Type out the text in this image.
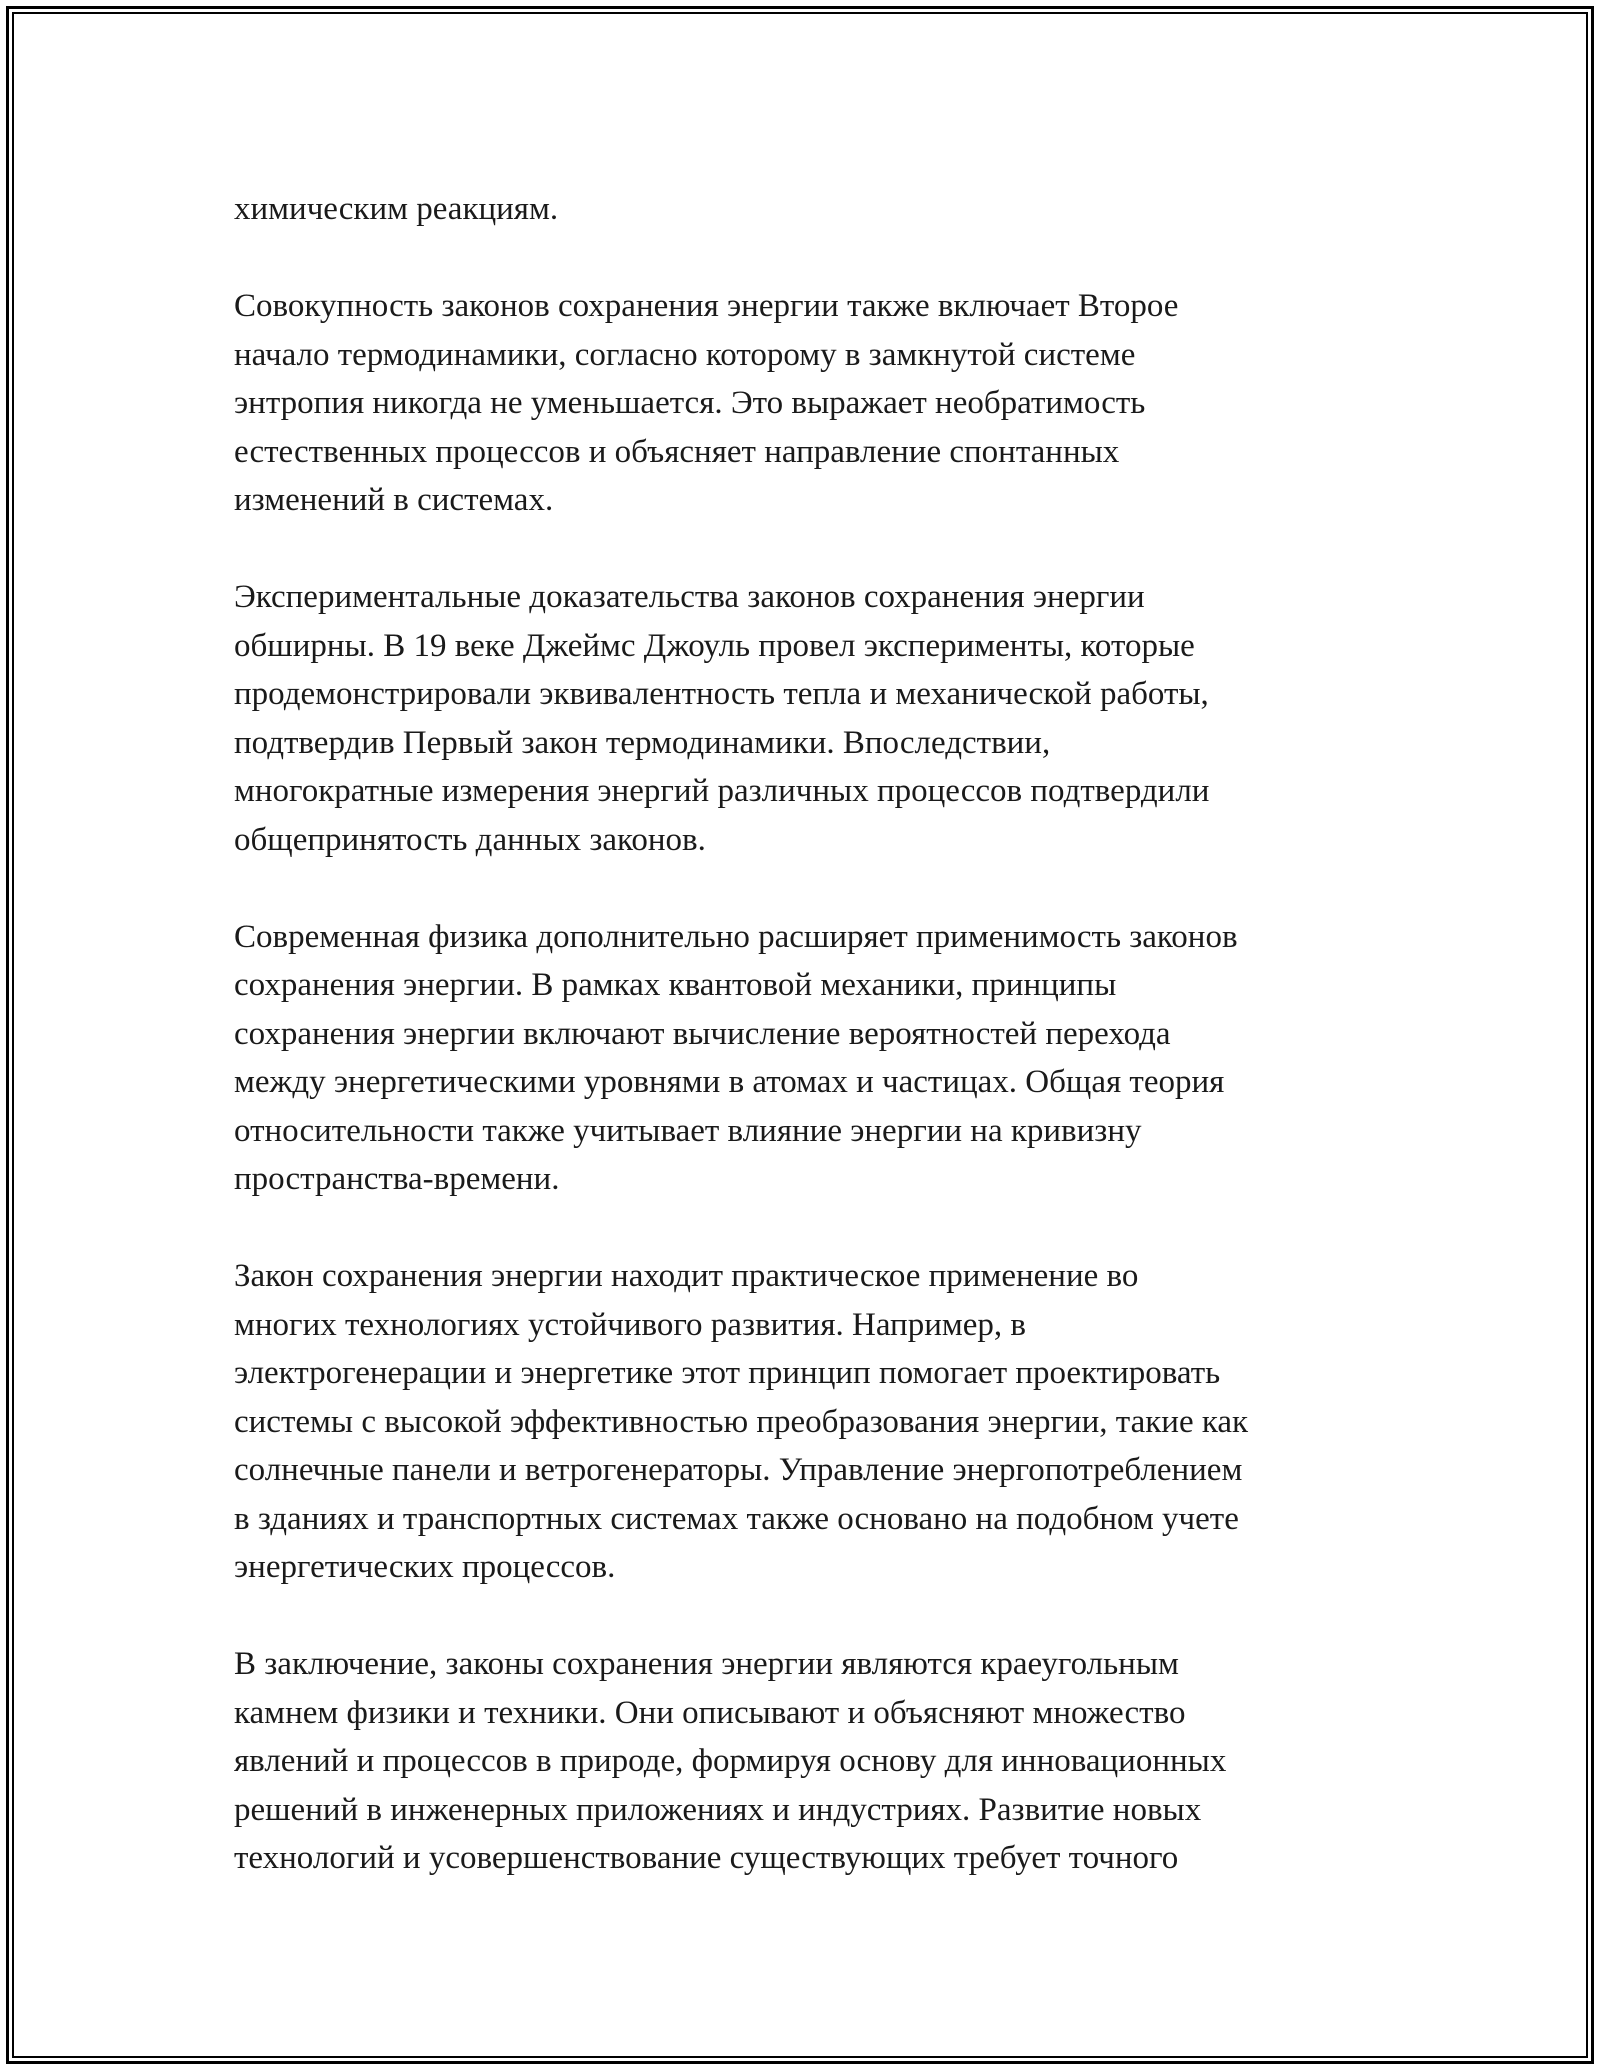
химическим реакциям.

Совокупность законов сохранения энергии также включает Второе
начало термодинамики, согласно которому в замкнутой системе
энтропия никогда не уменьшается. Это выражает необратимость
естественных процессов и объясняет направление спонтанных
изменений в системах.

Экспериментальные доказательства законов сохранения энергии
обширны. В 19 веке Джеймс Джоуль провел эксперименты, которые
продемонстрировали эквивалентность тепла и механической работы,
подтвердив Первый закон термодинамики. Впоследствии,
многократные измерения энергий различных процессов подтвердили
общепринятость данных законов.

Современная физика дополнительно расширяет применимость законов
сохранения энергии. В рамках квантовой механики, принципы
сохранения энергии включают вычисление вероятностей перехода
между энергетическими уровнями в атомах и частицах. Общая теория
относительности также учитывает влияние энергии на кривизну
пространства-времени.

Закон сохранения энергии находит практическое применение во
многих технологиях устойчивого развития. Например, в
электрогенерации и энергетике этот принцип помогает проектировать
системы с высокой эффективностью преобразования энергии, такие как
солнечные панели и ветрогенераторы. Управление энергопотреблением
в зданиях и транспортных системах также основано на подобном учете
энергетических процессов.

В заключение, законы сохранения энергии являются краеугольным
камнем физики и техники. Они описывают и объясняют множество
явлений и процессов в природе, формируя основу для инновационных
решений в инженерных приложениях и индустриях. Развитие новых
технологий и усовершенствование существующих требует точного
